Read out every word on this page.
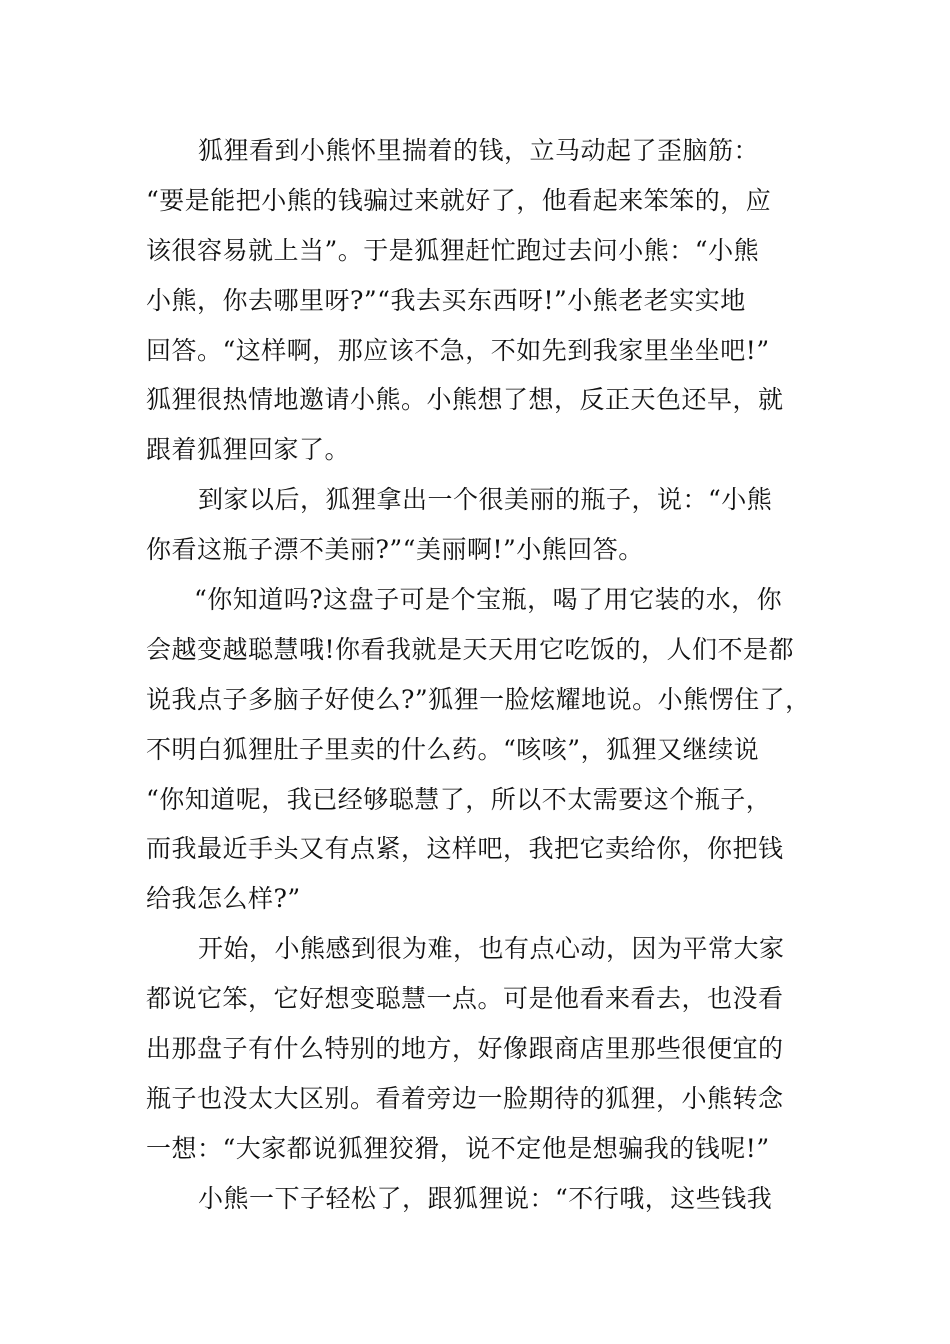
狐狸看到小熊怀里揣着的钱，立马动起了歪脑筋：
“要是能把小熊的钱骗过来就好了，他看起来笨笨的，应
该很容易就上当”。于是狐狸赶忙跑过去问小熊：“小熊
小熊，你去哪里呀?”“我去买东西呀!”小熊老老实实地
回答。“这样啊，那应该不急，不如先到我家里坐坐吧!”
狐狸很热情地邀请小熊。小熊想了想，反正天色还早，就
跟着狐狸回家了。
到家以后，狐狸拿出一个很美丽的瓶子，说：“小熊
你看这瓶子漂不美丽?”“美丽啊!”小熊回答。
“你知道吗?这盘子可是个宝瓶，喝了用它装的水，你
会越变越聪慧哦!你看我就是天天用它吃饭的，人们不是都
说我点子多脑子好使么?”狐狸一脸炫耀地说。小熊愣住了，
不明白狐狸肚子里卖的什么药。“咳咳”，狐狸又继续说
“你知道呢，我已经够聪慧了，所以不太需要这个瓶子，
而我最近手头又有点紧，这样吧，我把它卖给你，你把钱
给我怎么样?”
开始，小熊感到很为难，也有点心动，因为平常大家
都说它笨，它好想变聪慧一点。可是他看来看去，也没看
出那盘子有什么特别的地方，好像跟商店里那些很便宜的
瓶子也没太大区别。看着旁边一脸期待的狐狸，小熊转念
一想：“大家都说狐狸狡猾，说不定他是想骗我的钱呢!”
小熊一下子轻松了，跟狐狸说：“不行哦，这些钱我
